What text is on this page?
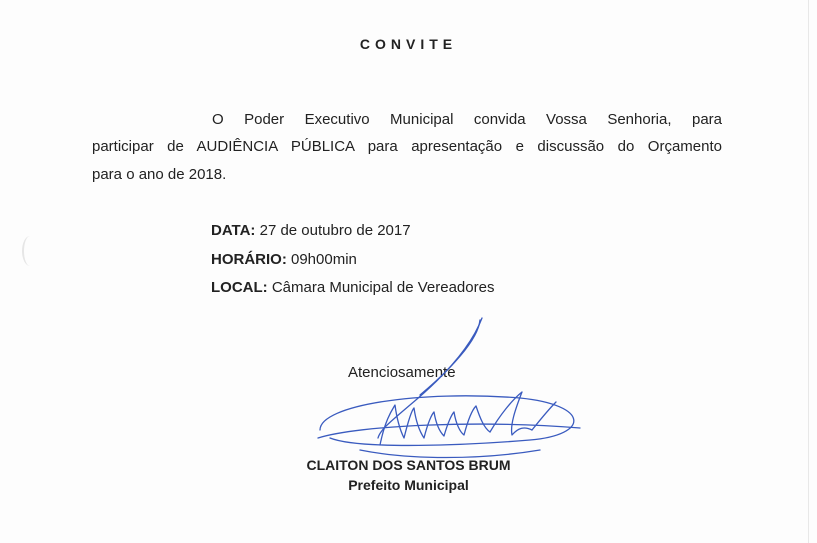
CONVITE
O Poder Executivo Municipal convida Vossa Senhoria, para
participar de AUDIÊNCIA PÚBLICA para apresentação e discussão do Orçamento
para o ano de 2018.
DATA: 27 de outubro de 2017
HORÁRIO: 09h00min
LOCAL: Câmara Municipal de Vereadores
Atenciosamente
CLAITON DOS SANTOS BRUM
Prefeito Municipal
